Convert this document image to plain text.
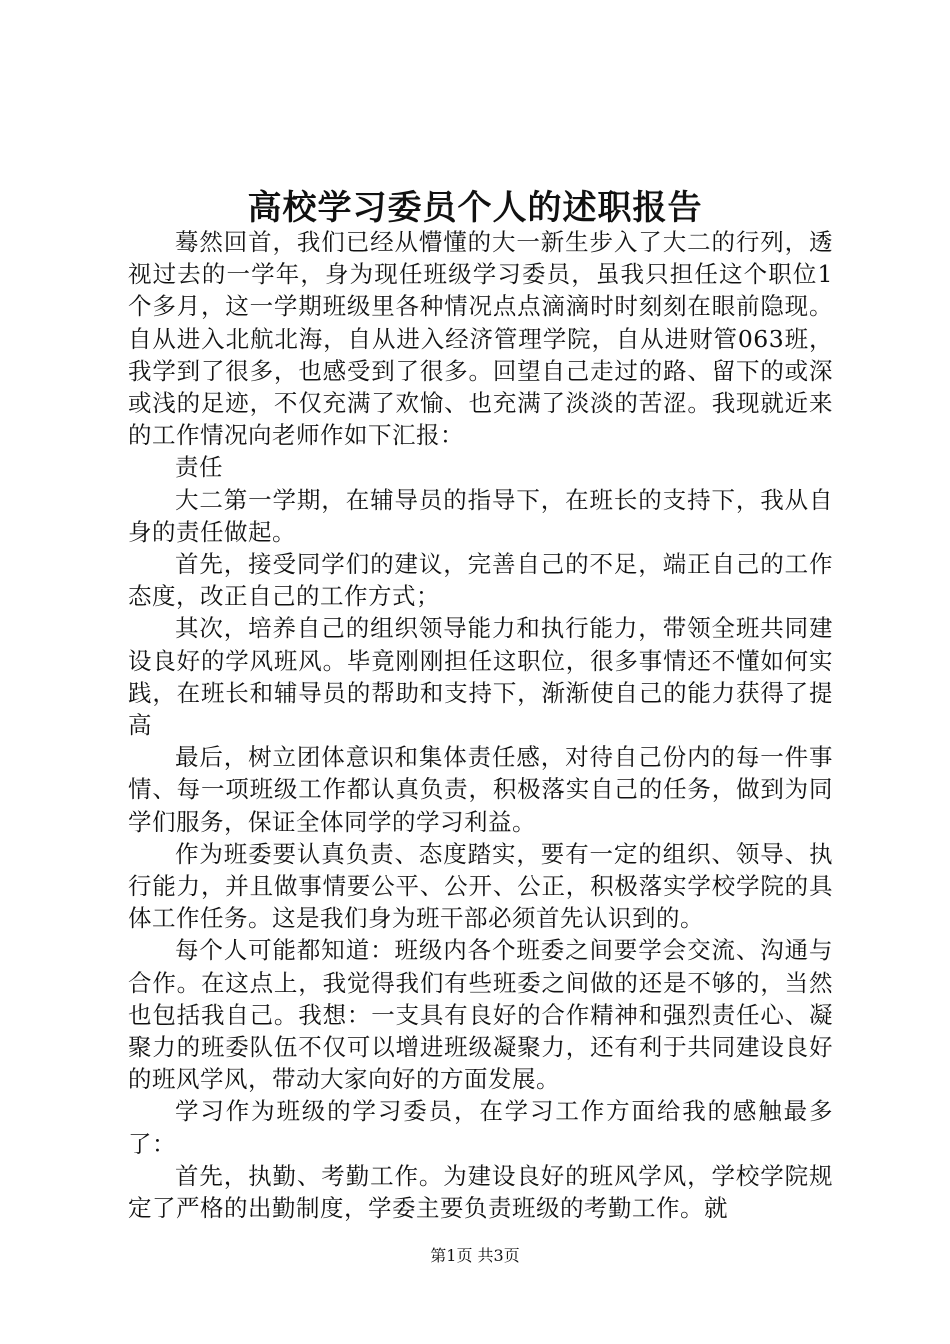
高校学习委员个人的述职报告

蓦然回首，我们已经从懵懂的大一新生步入了大二的行列，透视过去的一学年，身为现任班级学习委员，虽我只担任这个职位1个多月，这一学期班级里各种情况点点滴滴时时刻刻在眼前隐现。自从进入北航北海，自从进入经济管理学院，自从进财管063班，我学到了很多，也感受到了很多。回望自己走过的路、留下的或深或浅的足迹，不仅充满了欢愉、也充满了淡淡的苦涩。我现就近来的工作情况向老师作如下汇报：

责任

大二第一学期，在辅导员的指导下，在班长的支持下，我从自身的责任做起。

首先，接受同学们的建议，完善自己的不足，端正自己的工作态度，改正自己的工作方式；

其次，培养自己的组织领导能力和执行能力，带领全班共同建设良好的学风班风。毕竟刚刚担任这职位，很多事情还不懂如何实践，在班长和辅导员的帮助和支持下，渐渐使自己的能力获得了提高

最后，树立团体意识和集体责任感，对待自己份内的每一件事情、每一项班级工作都认真负责，积极落实自己的任务，做到为同学们服务，保证全体同学的学习利益。

作为班委要认真负责、态度踏实，要有一定的组织、领导、执行能力，并且做事情要公平、公开、公正，积极落实学校学院的具体工作任务。这是我们身为班干部必须首先认识到的。

每个人可能都知道：班级内各个班委之间要学会交流、沟通与合作。在这点上，我觉得我们有些班委之间做的还是不够的，当然也包括我自己。我想：一支具有良好的合作精神和强烈责任心、凝聚力的班委队伍不仅可以增进班级凝聚力，还有利于共同建设良好的班风学风，带动大家向好的方面发展。

学习作为班级的学习委员，在学习工作方面给我的感触最多了：

首先，执勤、考勤工作。为建设良好的班风学风，学校学院规定了严格的出勤制度，学委主要负责班级的考勤工作。就

第1页 共3页
